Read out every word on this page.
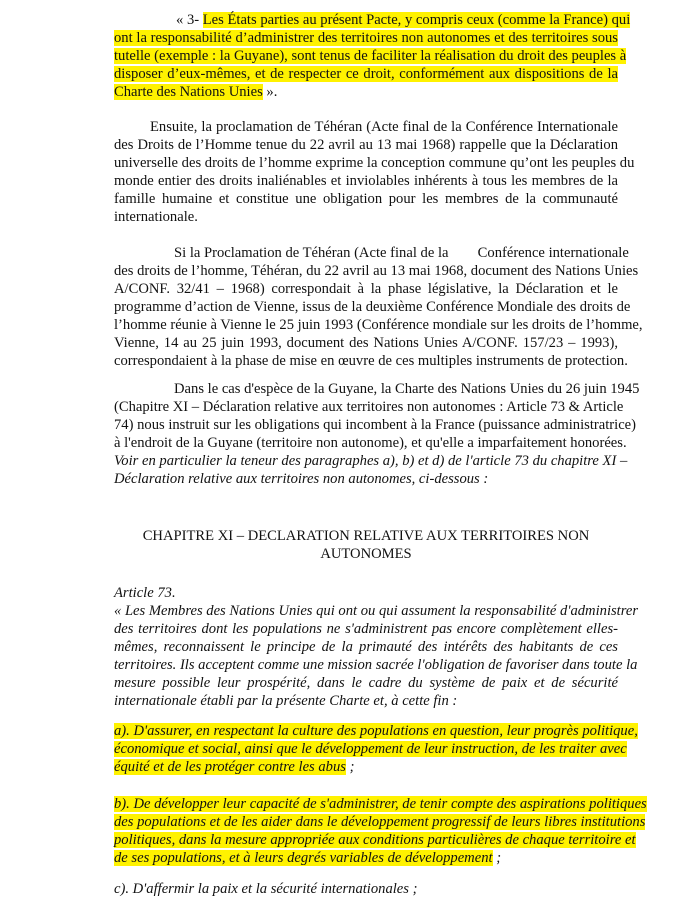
« 3- Les États parties au présent Pacte, y compris ceux (comme la France) qui
ont la responsabilité d’administrer des territoires non autonomes et des territoires sous
tutelle (exemple : la Guyane), sont tenus de faciliter la réalisation du droit des peuples à
disposer d’eux-mêmes, et de respecter ce droit, conformément aux dispositions de la
Charte des Nations Unies ».
Ensuite, la proclamation de Téhéran (Acte final de la Conférence Internationale
des Droits de l’Homme tenue du 22 avril au 13 mai 1968) rappelle que la Déclaration
universelle des droits de l’homme exprime la conception commune qu’ont les peuples du
monde entier des droits inaliénables et inviolables inhérents à tous les membres de la
famille humaine et constitue une obligation pour les membres de la communauté
internationale.
Si la Proclamation de Téhéran (Acte final de la        Conférence internationale
des droits de l’homme, Téhéran, du 22 avril au 13 mai 1968, document des Nations Unies
A/CONF. 32/41 – 1968) correspondait à la phase législative, la Déclaration et le
programme d’action de Vienne, issus de la deuxième Conférence Mondiale des droits de
l’homme réunie à Vienne le 25 juin 1993 (Conférence mondiale sur les droits de l’homme,
Vienne, 14 au 25 juin 1993, document des Nations Unies A/CONF. 157/23 – 1993),
correspondaient à la phase de mise en œuvre de ces multiples instruments de protection.
Dans le cas d'espèce de la Guyane, la Charte des Nations Unies du 26 juin 1945
(Chapitre XI – Déclaration relative aux territoires non autonomes : Article 73 & Article
74) nous instruit sur les obligations qui incombent à la France (puissance administratrice)
à l'endroit de la Guyane (territoire non autonome), et qu'elle a imparfaitement honorées.
Voir en particulier la teneur des paragraphes a), b) et d) de l'article 73 du chapitre XI –
Déclaration relative aux territoires non autonomes, ci-dessous :
CHAPITRE XI – DECLARATION RELATIVE AUX TERRITOIRES NON
AUTONOMES
Article 73.
« Les Membres des Nations Unies qui ont ou qui assument la responsabilité d'administrer
des territoires dont les populations ne s'administrent pas encore complètement elles-
mêmes, reconnaissent le principe de la primauté des intérêts des habitants de ces
territoires. Ils acceptent comme une mission sacrée l'obligation de favoriser dans toute la
mesure possible leur prospérité, dans le cadre du système de paix et de sécurité
internationale établi par la présente Charte et, à cette fin :
a). D'assurer, en respectant la culture des populations en question, leur progrès politique,
économique et social, ainsi que le développement de leur instruction, de les traiter avec
équité et de les protéger contre les abus ;
b). De développer leur capacité de s'administrer, de tenir compte des aspirations politiques
des populations et de les aider dans le développement progressif de leurs libres institutions
politiques, dans la mesure appropriée aux conditions particulières de chaque territoire et
de ses populations, et à leurs degrés variables de développement ;
c). D'affermir la paix et la sécurité internationales ;
